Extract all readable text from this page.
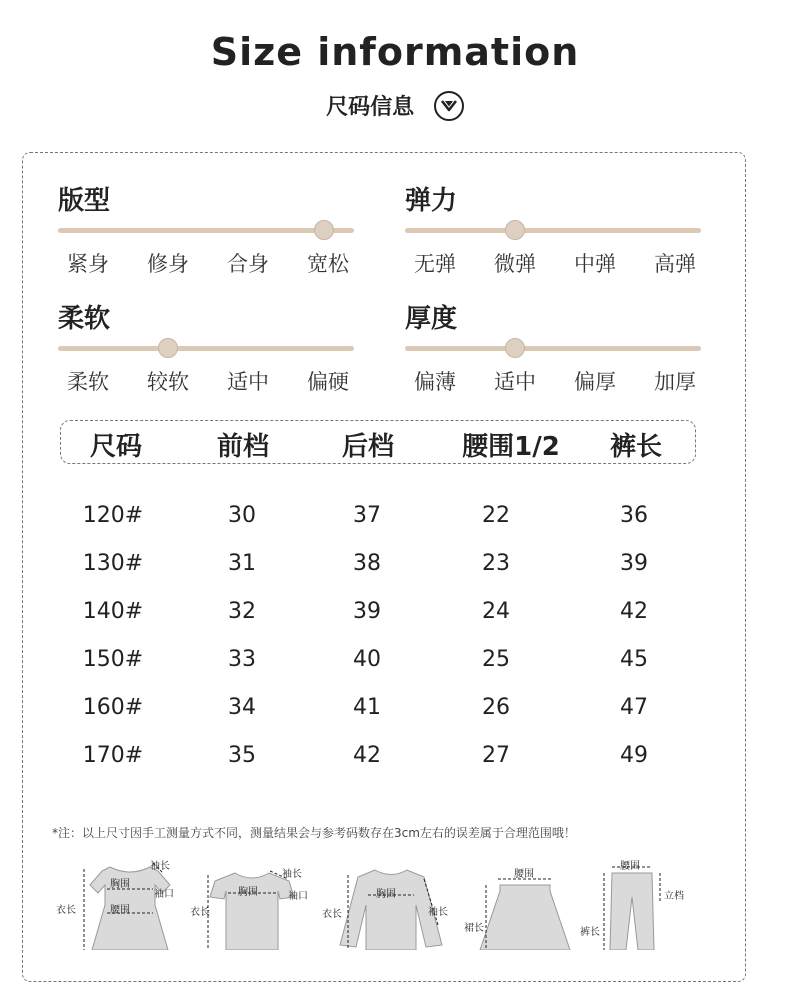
Size information
尺码信息
版型
紧身	修身	合身	宽松
弹力
无弹	微弹	中弹	高弹
柔软
柔软	较软	适中	偏硬
厚度
偏薄	适中	偏厚	加厚
尺码	前档	后档	腰围1/2	裤长
120#	30	37	22	36
130#	31	38	23	39
140#	32	39	24	42
150#	33	40	25	45
160#	34	41	26	47
170#	35	42	27	49
*注：以上尺寸因手工测量方式不同，测量结果会与参考码数存在3cm左右的误差属于合理范围哦！
胸围
腰围
袖长
袖口
衣长
胸围
袖长
袖口
衣长
胸围
袖长
衣长
腰围
裙长
腰围
立档
裤长
